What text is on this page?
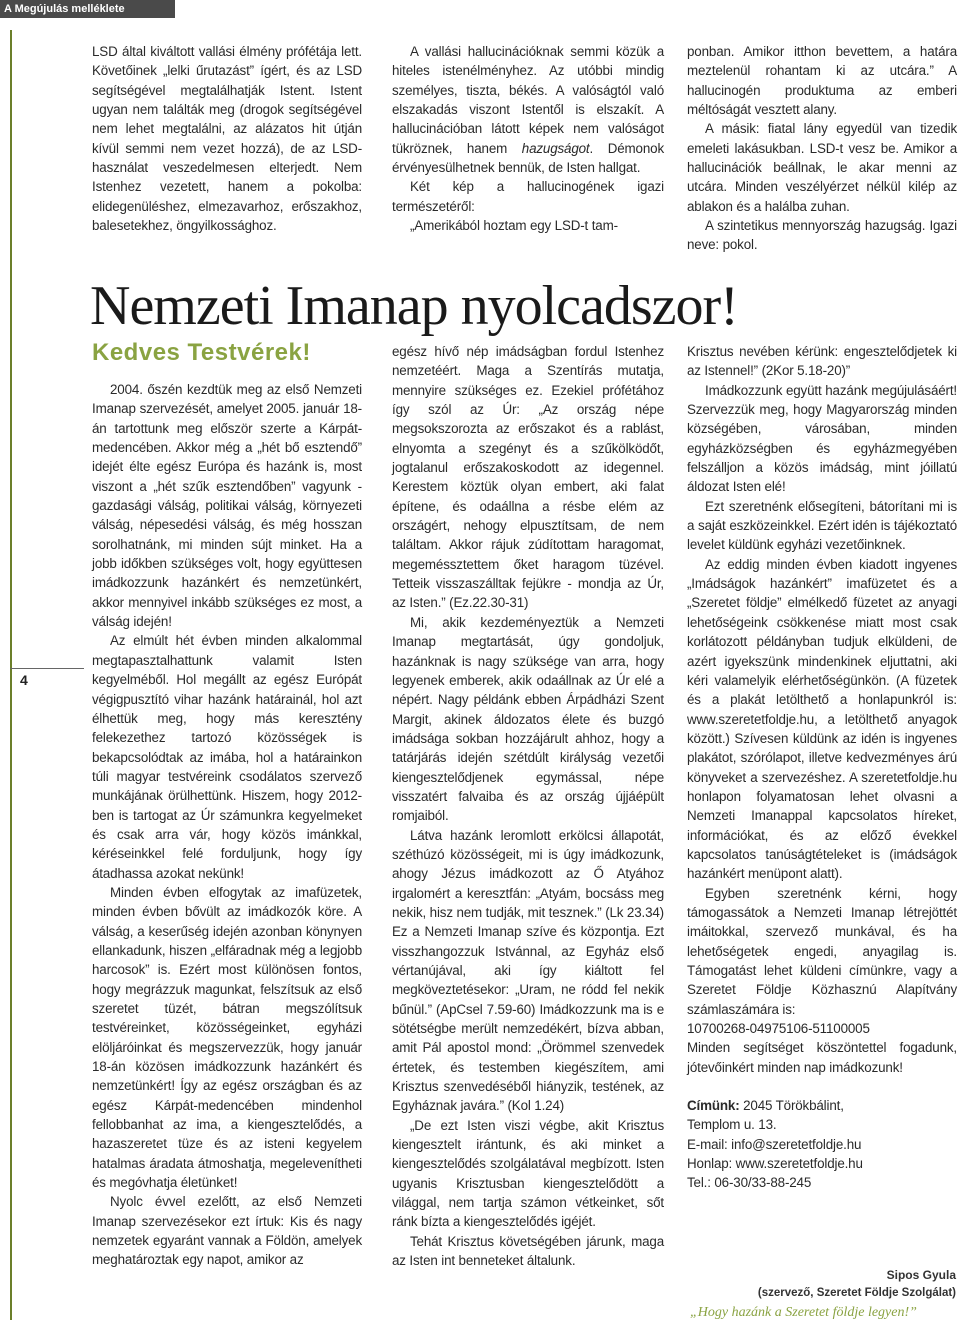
A Megújulás melléklete
4

LSD által kiváltott vallási élmény prófétája lett. Követőinek „lelki űrutazást” ígért, és az LSD segítségével megtalálhatják Istent. Istent ugyan nem találták meg (drogok segítségével nem lehet megtalálni, az alázatos hit útján kívül semmi nem vezet hozzá), de az LSD-használat veszedelmesen elterjedt. Nem Istenhez vezetett, hanem a pokolba: elidegenüléshez, elmezavarhoz, erőszakhoz, balesetekhez, öngyilkossághoz.

A vallási hallucinációknak semmi közük a hiteles istenélményhez. Az utóbbi mindig személyes, tiszta, békés. A valóságtól való elszakadás viszont Istentől is elszakít. A hallucinációban látott képek nem valóságot tükröznek, hanem hazugságot. Démonok érvényesülhetnek bennük, de Isten hallgat.

Két kép a hallucinogének igazi természetéről:

„Amerikából hoztam egy LSD-t tam-

ponban. Amikor itthon bevettem, a határa meztelenül rohantam ki az utcára.” A hallucinogén produktuma az emberi méltóságát vesztett alany.

A másik: fiatal lány egyedül van tizedik emeleti lakásukban. LSD-t vesz be. Amikor a hallucinációk beállnak, le akar menni az utcára. Minden veszélyérzet nélkül kilép az ablakon és a halálba zuhan.

A szintetikus mennyország hazugság. Igazi neve: pokol.

Nemzeti Imanap nyolcadszor!
Kedves Testvérek!

2004. őszén kezdtük meg az első Nemzeti Imanap szervezését, amelyet 2005. január 18-án tartottunk meg először szerte a Kárpát-medencében. Akkor még a „hét bő esztendő” idejét élte egész Európa és hazánk is, most viszont a „hét szűk esztendőben” vagyunk - gazdasági válság, politikai válság, környezeti válság, népesedési válság, és még hosszan sorolhatnánk, mi minden sújt minket. Ha a jobb időkben szükséges volt, hogy együttesen imádkozzunk hazánkért és nemzetünkért, akkor mennyivel inkább szükséges ez most, a válság idején!

Az elmúlt hét évben minden alkalommal megtapasztalhattunk valamit Isten kegyelméből. Hol megállt az egész Európát végigpusztító vihar hazánk határainál, hol azt élhettük meg, hogy más keresztény felekezethez tartozó közösségek is bekapcsolódtak az imába, hol a határainkon túli magyar testvéreink csodálatos szervező munkájának örülhettünk. Hiszem, hogy 2012-ben is tartogat az Úr számunkra kegyelmeket és csak arra vár, hogy közös imánkkal, kéréseinkkel felé forduljunk, hogy így átadhassa azokat nekünk!

Minden évben elfogytak az imafüzetek, minden évben bővült az imádkozók köre. A válság, a keserűség idején azonban könynyen ellankadunk, hiszen „elfáradnak még a legjobb harcosok” is. Ezért most különösen fontos, hogy megrázzuk magunkat, felszítsuk az első szeretet tüzét, bátran megszólítsuk testvéreinket, közösségeinket, egyházi elöljáróinkat és megszervezzük, hogy január 18-án közösen imádkozzunk hazánkért és nemzetünkért! Így az egész országban és az egész Kárpát-medencében mindenhol fellobbanhat az ima, a kiengesztelődés, a hazaszeretet tüze és az isteni kegyelem hatalmas áradata átmoshatja, megelevenítheti és megóvhatja életünket!

Nyolc évvel ezelőtt, az első Nemzeti Imanap szervezésekor ezt írtuk: Kis és nagy nemzetek egyaránt vannak a Földön, amelyek meghatároztak egy napot, amikor az

egész hívő nép imádságban fordul Istenhez nemzetéért. Maga a Szentírás mutatja, mennyire szükséges ez. Ezekiel prófétához így szól az Úr: „Az ország népe megsokszorozta az erőszakot és a rablást, elnyomta a szegényt és a szűkölködőt, jogtalanul erőszakoskodott az idegennel. Kerestem köztük olyan embert, aki falat építene, és odaállna a résbe elém az országért, nehogy elpusztítsam, de nem találtam. Akkor rájuk zúdítottam haragomat, megeméssztettem őket haragom tüzével. Tetteik visszaszálltak fejükre - mondja az Úr, az Isten.” (Ez.22.30-31)

Mi, akik kezdeményeztük a Nemzeti Imanap megtartását, úgy gondoljuk, hazánknak is nagy szüksége van arra, hogy legyenek emberek, akik odaállnak az Úr elé a népért. Nagy példánk ebben Árpádházi Szent Margit, akinek áldozatos élete és buzgó imádsága sokban hozzájárult ahhoz, hogy a tatárjárás idején szétdúlt királyság vezetői kiengesztelődjenek egymással, népe visszatért falvaiba és az ország újjáépült romjaiból.

Látva hazánk leromlott erkölcsi állapotát, széthúzó közösségeit, mi is úgy imádkozunk, ahogy Jézus imádkozott az Ő Atyához irgalomért a keresztfán: „Atyám, bocsáss meg nekik, hisz nem tudják, mit tesznek.” (Lk 23.34) Ez a Nemzeti Imanap szíve és központja. Ezt visszhangozzuk Istvánnal, az Egyház első vértanújával, aki így kiáltott fel megköveztetésekor: „Uram, ne ródd fel nekik bűnül.” (ApCsel 7.59-60) Imádkozzunk ma is e sötétségbe merült nemzedékért, bízva abban, amit Pál apostol mond: „Örömmel szenvedek értetek, és testemben kiegészítem, ami Krisztus szenvedéséből hiányzik, testének, az Egyháznak javára.” (Kol 1.24)

„De ezt Isten viszi végbe, akit Krisztus kiengesztelt irántunk, és aki minket a kiengesztelődés szolgálatával megbízott. Isten ugyanis Krisztusban kiengesztelődött a világgal, nem tartja számon vétkeinket, sőt ránk bízta a kiengesztelődés igéjét.

Tehát Krisztus követségében járunk, maga az Isten int benneteket általunk.

Krisztus nevében kérünk: engesztelődjetek ki az Istennel!” (2Kor 5.18-20)”

Imádkozzunk együtt hazánk megújulásáért! Szervezzük meg, hogy Magyarország minden községében, városában, minden egyházközségben és egyházmegyében felszálljon a közös imádság, mint jóillatú áldozat Isten elé!

Ezt szeretnénk elősegíteni, bátorítani mi is a saját eszközeinkkel. Ezért idén is tájékoztató levelet küldünk egyházi vezetőinknek.

Az eddig minden évben kiadott ingyenes „Imádságok hazánkért” imafüzetet és a „Szeretet földje” elmélkedő füzetet az anyagi lehetőségeink csökkenése miatt most csak korlátozott példányban tudjuk elküldeni, de azért igyekszünk mindenkinek eljuttatni, aki kéri valamelyik elérhetőségünkön. (A füzetek és a plakát letölthető a honlapunkról is: www.szeretetfoldje.hu, a letölthető anyagok között.) Szívesen küldünk az idén is ingyenes plakátot, szórólapot, illetve kedvezményes árú könyveket a szervezéshez. A szeretetfoldje.hu honlapon folyamatosan lehet olvasni a Nemzeti Imanappal kapcsolatos híreket, információkat, és az előző évekkel kapcsolatos tanúságtételeket is (imádságok hazánkért menüpont alatt).

Egyben szeretnénk kérni, hogy támogassátok a Nemzeti Imanap létrejöttét imáitokkal, szervező munkával, és ha lehetőségetek engedi, anyagilag is. Támogatást lehet küldeni címünkre, vagy a Szeretet Földje Közhasznú Alapítvány számlaszámára is:

10700268-04975106-51100005

Minden segítséget köszöntettel fogadunk, jótevőinkért minden nap imádkozunk!

Címünk: 2045 Törökbálint,

Templom u. 13.

E-mail: info@szeretetfoldje.hu

Honlap: www.szeretetfoldje.hu

Tel.: 06-30/33-88-245

Sipos Gyula
(szervező, Szeretet Földje Szolgálat)
„Hogy hazánk a Szeretet földje legyen!”
